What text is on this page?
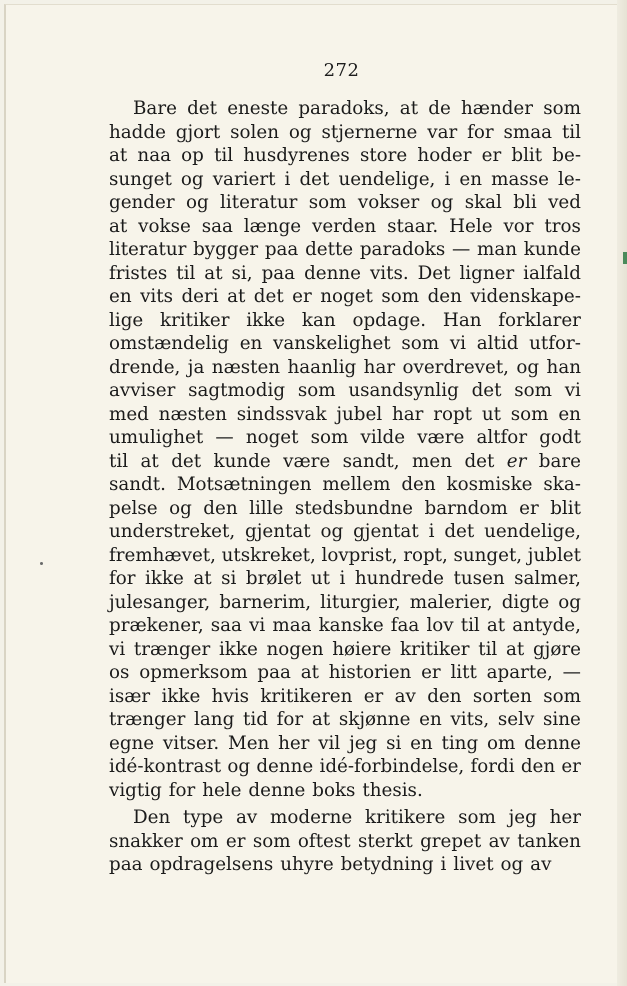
272
Bare det eneste paradoks, at de hænder som
hadde gjort solen og stjernerne var for smaa til
at naa op til husdyrenes store hoder er blit be-
sunget og variert i det uendelige, i en masse le-
gender og literatur som vokser og skal bli ved
at vokse saa længe verden staar. Hele vor tros
literatur bygger paa dette paradoks — man kunde
fristes til at si, paa denne vits. Det ligner ialfald
en vits deri at det er noget som den videnskape-
lige kritiker ikke kan opdage. Han forklarer
omstændelig en vanskelighet som vi altid utfor-
drende, ja næsten haanlig har overdrevet, og han
avviser sagtmodig som usandsynlig det som vi
med næsten sindssvak jubel har ropt ut som en
umulighet — noget som vilde være altfor godt
til at det kunde være sandt, men det er bare
sandt. Motsætningen mellem den kosmiske ska-
pelse og den lille stedsbundne barndom er blit
understreket, gjentat og gjentat i det uendelige,
fremhævet, utskreket, lovprist, ropt, sunget, jublet
for ikke at si brølet ut i hundrede tusen salmer,
julesanger, barnerim, liturgier, malerier, digte og
prækener, saa vi maa kanske faa lov til at antyde,
vi trænger ikke nogen høiere kritiker til at gjøre
os opmerksom paa at historien er litt aparte, —
især ikke hvis kritikeren er av den sorten som
trænger lang tid for at skjønne en vits, selv sine
egne vitser. Men her vil jeg si en ting om denne
idé-kontrast og denne idé-forbindelse, fordi den er
vigtig for hele denne boks thesis.
Den type av moderne kritikere som jeg her
snakker om er som oftest sterkt grepet av tanken
paa opdragelsens uhyre betydning i livet og av
